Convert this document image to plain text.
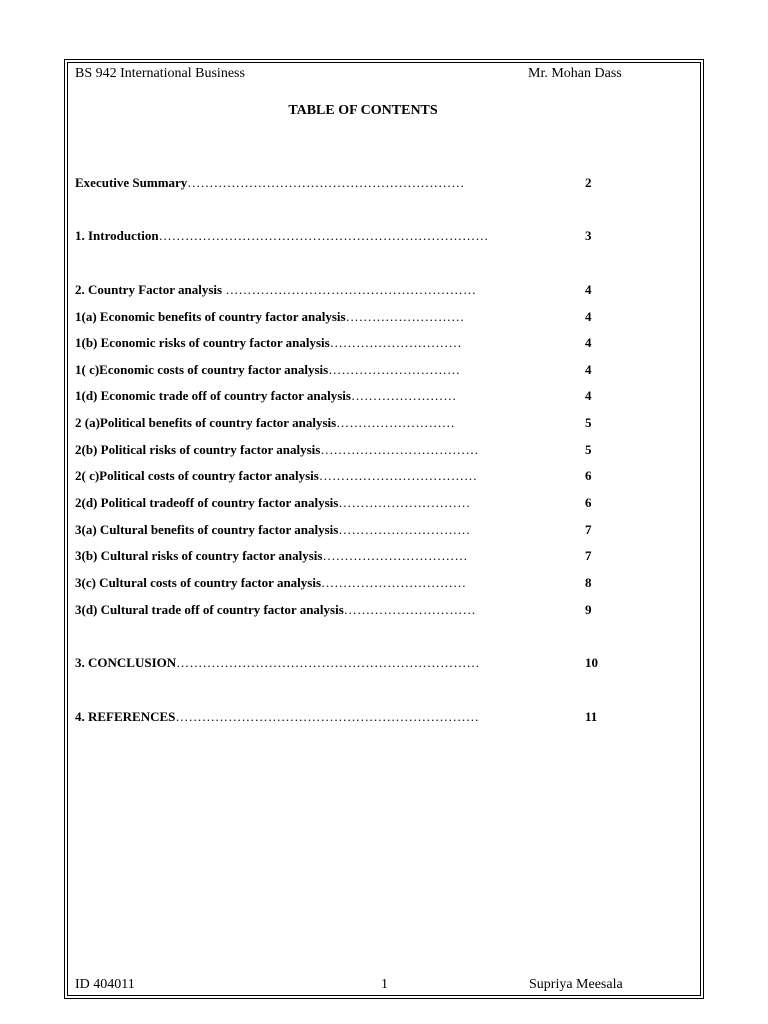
BS 942 International Business	Mr. Mohan Dass
TABLE OF CONTENTS
Executive Summary………………………………………………………	2
1. Introduction…………………………………………………………………	3
2. Country Factor analysis …………………………………………………	4
1(a) Economic benefits of country factor analysis………………………	4
1(b) Economic risks of country factor analysis…………………………	4
1( c)Economic costs of country factor analysis…………………………	4
1(d) Economic trade off of country factor analysis……………………	4
2 (a)Political benefits of country factor analysis………………………	5
2(b) Political risks of country factor analysis………………………………	5
2( c)Political costs of country factor analysis………………………………	6
2(d) Political tradeoff of country factor analysis…………………………	6
3(a) Cultural benefits of country factor analysis…………………………	7
3(b) Cultural risks of country factor analysis……………………………	7
3(c) Cultural costs of country factor analysis……………………………	8
3(d) Cultural trade off of country factor analysis…………………………	9
3. CONCLUSION……………………………………………………………	10
4. REFERENCES……………………………………………………………	11
ID 404011	1	Supriya Meesala
